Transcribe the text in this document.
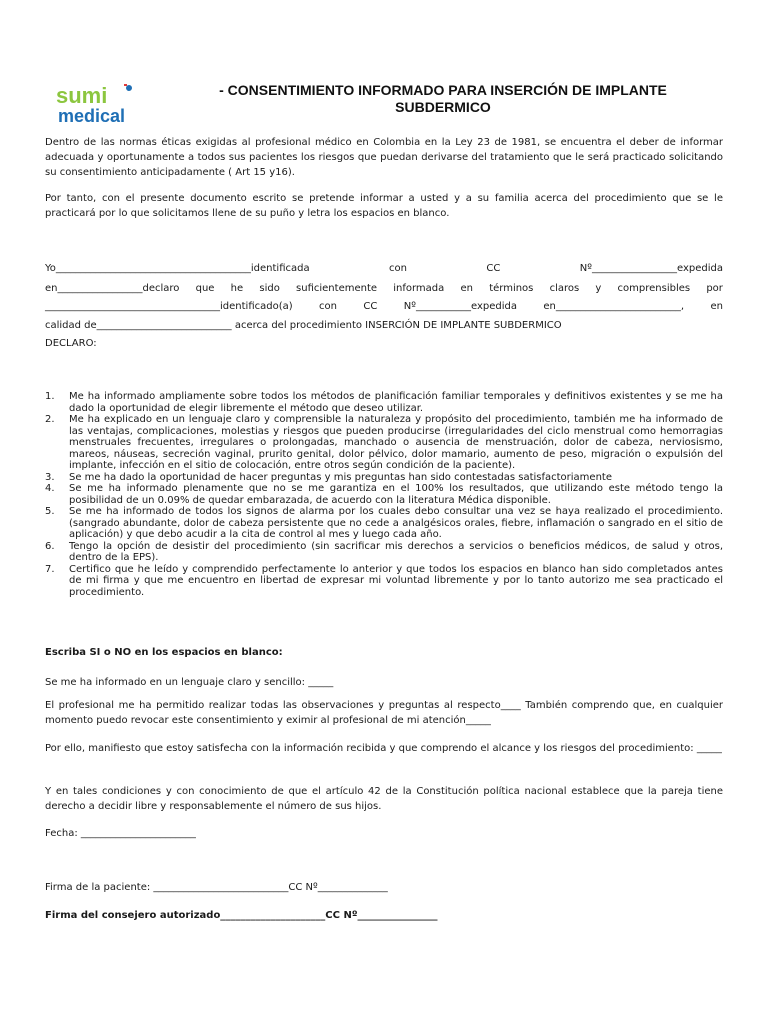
sumi
medical
- CONSENTIMIENTO INFORMADO PARA INSERCIÓN DE IMPLANTE
SUBDERMICO
Dentro de las normas éticas exigidas al profesional médico en Colombia en la Ley 23 de 1981, se encuentra el deber de informar adecuada y oportunamente a todos sus pacientes los riesgos que puedan derivarse del tratamiento que le será practicado solicitando su consentimiento anticipadamente ( Art 15 y16).
Por tanto, con el presente documento escrito se pretende informar a usted y a su familia acerca del procedimiento que se le practicará por lo que solicitamos llene de su puño y letra los espacios en blanco.
Yo_______________________________________identificada	con	CC	Nº_________________expedida
en_________________declaro que he sido suficientemente informada en términos claros y comprensibles por
___________________________________identificado(a)	con	CC	Nº___________expedida	en_________________________,	en
calidad de___________________________ acerca del procedimiento INSERCIÓN DE IMPLANTE SUBDERMICO
DECLARO:
1. Me ha informado ampliamente sobre todos los métodos de planificación familiar temporales y definitivos existentes y se me ha dado la oportunidad de elegir libremente el método que deseo utilizar.
2. Me ha explicado en un lenguaje claro y comprensible la naturaleza y propósito del procedimiento, también me ha informado de las ventajas, complicaciones, molestias y riesgos que pueden producirse (irregularidades del ciclo menstrual como hemorragias menstruales frecuentes, irregulares o prolongadas, manchado o ausencia de menstruación, dolor de cabeza, nerviosismo, mareos, náuseas, secreción vaginal, prurito genital, dolor pélvico, dolor mamario, aumento de peso, migración o expulsión del implante, infección en el sitio de colocación, entre otros según condición de la paciente).
3. Se me ha dado la oportunidad de hacer preguntas y mis preguntas han sido contestadas satisfactoriamente
4. Se me ha informado plenamente que no se me garantiza en el 100% los resultados, que utilizando este método tengo la posibilidad de un 0.09% de quedar embarazada, de acuerdo con la literatura Médica disponible.
5. Se me ha informado de todos los signos de alarma por los cuales debo consultar una vez se haya realizado el procedimiento. (sangrado abundante, dolor de cabeza persistente que no cede a analgésicos orales, fiebre, inflamación o sangrado en el sitio de aplicación) y que debo acudir a la cita de control al mes y luego cada año.
6. Tengo la opción de desistir del procedimiento (sin sacrificar mis derechos a servicios o beneficios médicos, de salud y otros, dentro de la EPS).
7. Certifico que he leído y comprendido perfectamente lo anterior y que todos los espacios en blanco han sido completados antes de mi firma y que me encuentro en libertad de expresar mi voluntad libremente y por lo tanto autorizo me sea practicado el procedimiento.
Escriba SI o NO en los espacios en blanco:
Se me ha informado en un lenguaje claro y sencillo: _____
El profesional me ha permitido realizar todas las observaciones y preguntas al respecto____ También comprendo que, en cualquier momento puedo revocar este consentimiento y eximir al profesional de mi atención_____
Por ello, manifiesto que estoy satisfecha con la información recibida y que comprendo el alcance y los riesgos del procedimiento: _____
Y en tales condiciones y con conocimiento de que el artículo 42 de la Constitución política nacional establece que la pareja tiene derecho a decidir libre y responsablemente el número de sus hijos.
Fecha: _______________________
Firma de la paciente: ___________________________CC Nº______________
Firma del consejero autorizado_____________________CC Nº________________
